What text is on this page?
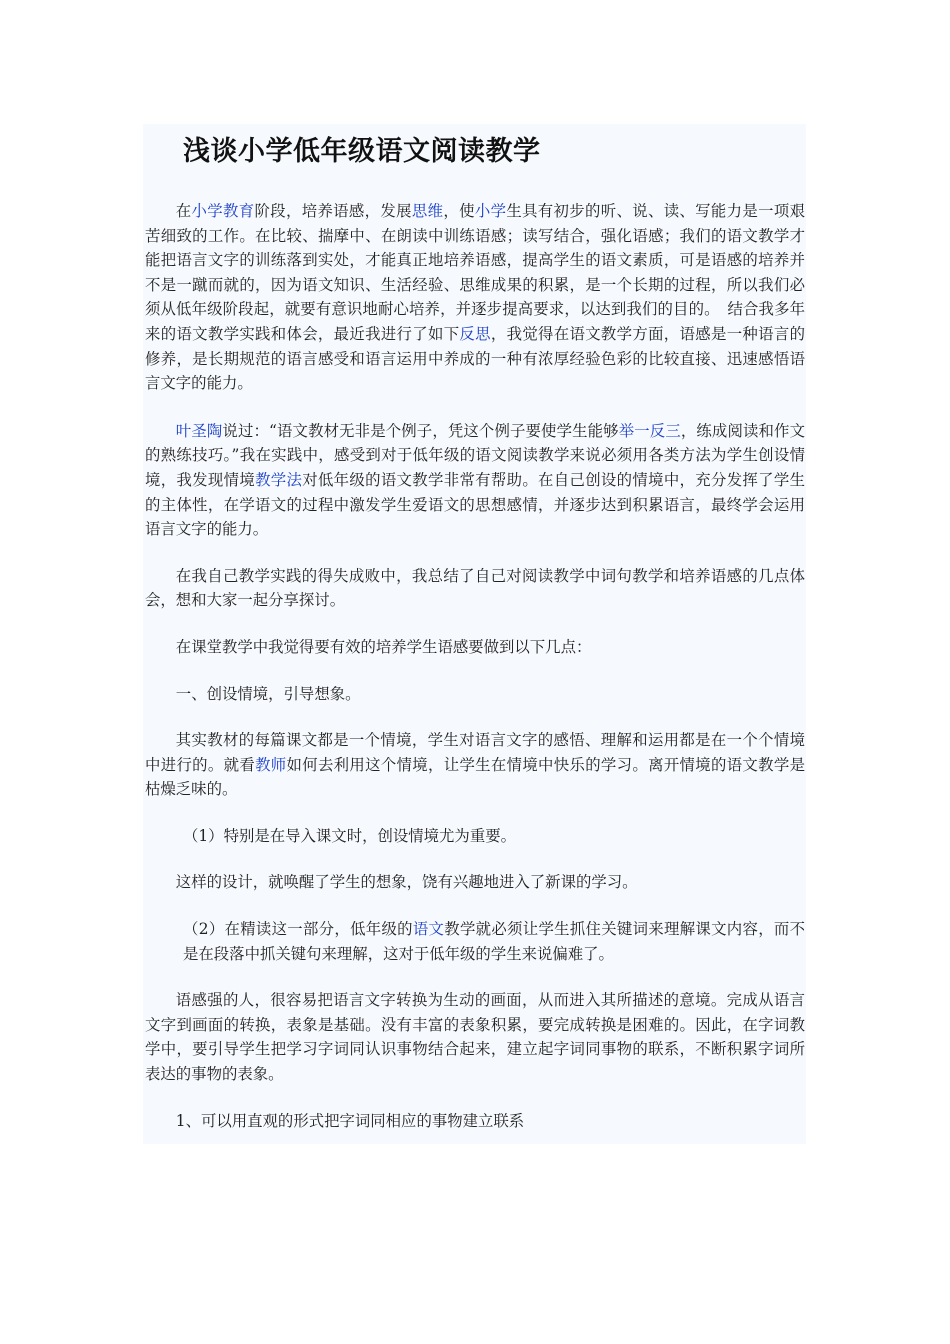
浅谈小学低年级语文阅读教学

在小学教育阶段，培养语感，发展思维，使小学生具有初步的听、说、读、写能力是一项艰苦细致的工作。在比较、揣摩中、在朗读中训练语感；读写结合，强化语感；我们的语文教学才能把语言文字的训练落到实处，才能真正地培养语感，提高学生的语文素质，可是语感的培养并不是一蹴而就的，因为语文知识、生活经验、思维成果的积累，是一个长期的过程，所以我们必须从低年级阶段起，就要有意识地耐心培养，并逐步提高要求，以达到我们的目的。　结合我多年来的语文教学实践和体会，最近我进行了如下反思，我觉得在语文教学方面，语感是一种语言的修养，是长期规范的语言感受和语言运用中养成的一种有浓厚经验色彩的比较直接、迅速感悟语言文字的能力。

叶圣陶说过：“语文教材无非是个例子，凭这个例子要使学生能够举一反三，练成阅读和作文的熟练技巧。”我在实践中，感受到对于低年级的语文阅读教学来说必须用各类方法为学生创设情境，我发现情境教学法对低年级的语文教学非常有帮助。在自己创设的情境中，充分发挥了学生的主体性，在学语文的过程中激发学生爱语文的思想感情，并逐步达到积累语言，最终学会运用语言文字的能力。

在我自己教学实践的得失成败中，我总结了自己对阅读教学中词句教学和培养语感的几点体会，想和大家一起分享探讨。

在课堂教学中我觉得要有效的培养学生语感要做到以下几点：

一、创设情境，引导想象。

其实教材的每篇课文都是一个情境，学生对语言文字的感悟、理解和运用都是在一个个情境中进行的。就看教师如何去利用这个情境，让学生在情境中快乐的学习。离开情境的语文教学是枯燥乏味的。

（1）特别是在导入课文时，创设情境尤为重要。

这样的设计，就唤醒了学生的想象，饶有兴趣地进入了新课的学习。

（2）在精读这一部分，低年级的语文教学就必须让学生抓住关键词来理解课文内容，而不是在段落中抓关键句来理解，这对于低年级的学生来说偏难了。

语感强的人，很容易把语言文字转换为生动的画面，从而进入其所描述的意境。完成从语言文字到画面的转换，表象是基础。没有丰富的表象积累，要完成转换是困难的。因此，在字词教学中，要引导学生把学习字词同认识事物结合起来，建立起字词同事物的联系，不断积累字词所表达的事物的表象。

1、可以用直观的形式把字词同相应的事物建立联系
